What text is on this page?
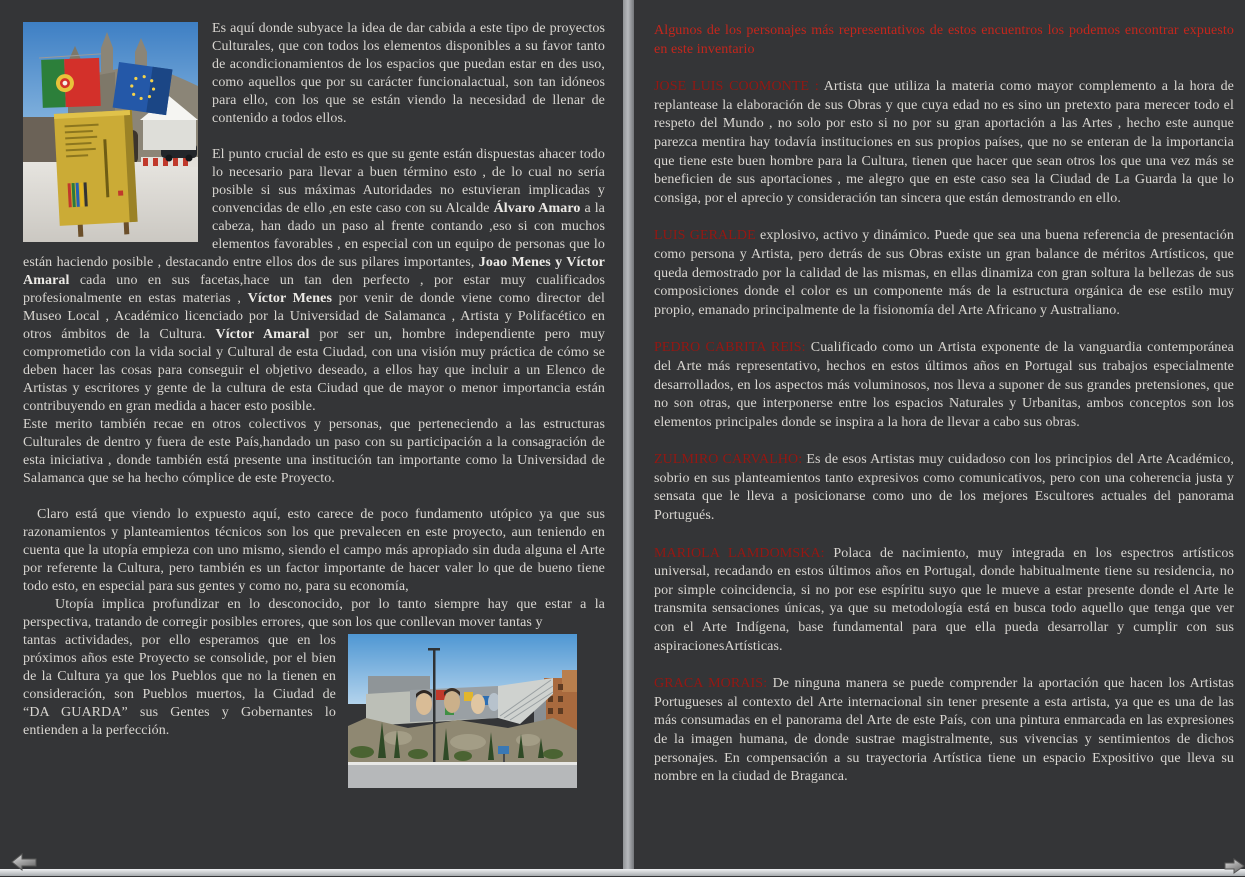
Es aquí donde subyace la idea de dar cabida a este tipo de proyectos Culturales, que con todos los elementos disponibles a su favor tanto de acondicionamientos de los espacios que puedan estar en des uso, como aquellos que por su carácter funcionalactual, son tan idóneos para ello, con los que se están viendo la necesidad de llenar de contenido a todos ellos.

El punto crucial de esto es que su gente están dispuestas ahacer todo lo necesario para llevar a buen término esto , de lo cual no sería posible si sus máximas Autoridades no estuvieran implicadas y convencidas de ello ,en este caso con su Alcalde Álvaro Amaro a la cabeza, han dado un paso al frente contando ,eso si con muchos elementos favorables , en especial con un equipo de personas que lo están haciendo posible , destacando entre ellos dos de sus pilares importantes, Joao Menes y Víctor Amaral cada uno en sus facetas,hace un tan den perfecto , por estar muy cualificados profesionalmente en estas materias , Víctor Menes por venir de donde viene como director del Museo Local , Académico licenciado por la Universidad de Salamanca , Artista y Polifacético en otros ámbitos de la Cultura. Víctor Amaral por ser un, hombre independiente pero muy comprometido con la vida social y Cultural de esta Ciudad, con una visión muy práctica de cómo se deben hacer las cosas para conseguir el objetivo deseado, a ellos hay que incluir a un Elenco de Artistas y escritores y gente de la cultura de esta Ciudad que de mayor o menor importancia están contribuyendo en gran medida a hacer esto posible.

Este merito también recae en otros colectivos y personas, que perteneciendo a las estructuras Culturales de dentro y fuera de este País,handado un paso con su participación a la consagración de esta iniciativa , donde también está presente una institución tan importante como la Universidad de Salamanca que se ha hecho cómplice de este Proyecto.

Claro está que viendo lo expuesto aquí, esto carece de poco fundamento utópico ya que sus razonamientos y planteamientos técnicos son los que prevalecen en este proyecto, aun teniendo en cuenta que la utopía empieza con uno mismo, siendo el campo más apropiado sin duda alguna el Arte por referente la Cultura, pero también es un factor importante de hacer valer lo que de bueno tiene todo esto, en especial para sus gentes y como no, para su economía,

Utopía implica profundizar en lo desconocido, por lo tanto siempre hay que estar a la perspectiva, tratando de corregir posibles errores, que son los que conllevan mover tantas y

tantas actividades, por ello esperamos que en los próximos años este Proyecto se consolide, por el bien de la Cultura ya que los Pueblos que no la tienen en consideración, son Pueblos muertos, la Ciudad de “DA GUARDA” sus Gentes y Gobernantes lo entienden a la perfección.

Algunos de los personajes más representativos de estos encuentros los podemos encontrar expuesto en este inventario

JOSE LUIS COOMONTE : Artista que utiliza la materia como mayor complemento a la hora de replantease la elaboración de sus Obras y que cuya edad no es sino un pretexto para merecer todo el respeto del Mundo , no solo por esto si no por su gran aportación a las Artes , hecho este aunque parezca mentira hay todavía instituciones en sus propios países, que no se enteran de la importancia que tiene este buen hombre para la Cultura, tienen que hacer que sean otros los que una vez más se beneficien de sus aportaciones , me alegro que en este caso sea la Ciudad de La Guarda la que lo consiga, por el aprecio y consideración tan sincera que están demostrando en ello.

LUIS GERALDE explosivo, activo y dinámico. Puede que sea una buena referencia de presentación como persona y Artista, pero detrás de sus Obras existe un gran balance de méritos Artísticos, que queda demostrado por la calidad de las mismas, en ellas dinamiza con gran soltura la bellezas de sus composiciones donde el color es un componente más de la estructura orgánica de ese estilo muy propio, emanado principalmente de la fisionomía del Arte Africano y Australiano.

PEDRO CABRITA REIS: Cualificado como un Artista exponente de la vanguardia contemporánea del Arte más representativo, hechos en estos últimos años en Portugal sus trabajos especialmente desarrollados, en los aspectos más voluminosos, nos lleva a suponer de sus grandes pretensiones, que no son otras, que interponerse entre los espacios Naturales y Urbanitas, ambos conceptos son los elementos principales donde se inspira a la hora de llevar a cabo sus obras.

ZULMIRO CARVALHO: Es de esos Artistas muy cuidadoso con los principios del Arte Académico, sobrio en sus planteamientos tanto expresivos como comunicativos, pero con una coherencia justa y sensata que le lleva a posicionarse como uno de los mejores Escultores actuales del panorama Portugués.

MARIOLA LAMDOMSKA: Polaca de nacimiento, muy integrada en los espectros artísticos universal, recadando en estos últimos años en Portugal, donde habitualmente tiene su residencia, no por simple coincidencia, si no por ese espíritu suyo que le mueve a estar presente donde el Arte le transmita sensaciones únicas, ya que su metodología está en busca todo aquello que tenga que ver con el Arte Indígena, base fundamental para que ella pueda desarrollar y cumplir con sus aspiracionesArtísticas.

GRACA MORAIS: De ninguna manera se puede comprender la aportación que hacen los Artistas Portugueses al contexto del Arte internacional sin tener presente a esta artista, ya que es una de las más consumadas en el panorama del Arte de este País, con una pintura enmarcada en las expresiones de la imagen humana, de donde sustrae magistralmente, sus vivencias y sentimientos de dichos personajes. En compensación a su trayectoria Artística tiene un espacio Expositivo que lleva su nombre en la ciudad de Braganca.
